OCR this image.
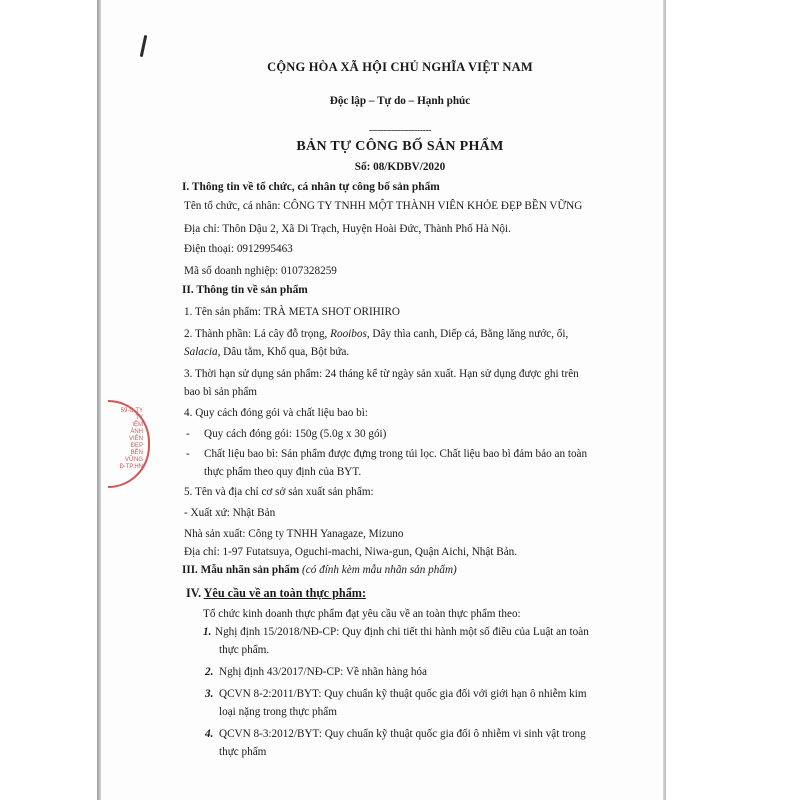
59-C.TY
TY
IỆM
ÀNH
VIÊN
ĐẸP
BỀN
VỮNG
Đ-TP.HN
CỘNG HÒA XÃ HỘI CHỦ NGHĨA VIỆT NAM
Độc lập – Tự do – Hạnh phúc
----------------------
BẢN TỰ CÔNG BỐ SẢN PHẨM
Số: 08/KDBV/2020
I. Thông tin về tổ chức, cá nhân tự công bố sản phẩm
Tên tổ chức, cá nhân: CÔNG TY TNHH MỘT THÀNH VIÊN KHỎE ĐẸP BỀN VỮNG
Địa chỉ: Thôn Dậu 2, Xã Di Trạch, Huyện Hoài Đức, Thành Phố Hà Nội.
Điện thoại: 0912995463
Mã số doanh nghiệp: 0107328259
II. Thông tin về sản phẩm
1. Tên sản phẩm: TRÀ META SHOT ORIHIRO
2. Thành phần: Lá cây đỗ trọng, Rooibos, Dây thìa canh, Diếp cá, Bằng lăng nước, ổi,
Salacia, Dâu tằm, Khổ qua, Bột bứa.
3. Thời hạn sử dụng sản phẩm: 24 tháng kể từ ngày sản xuất. Hạn sử dụng được ghi trên
bao bì sản phẩm
4. Quy cách đóng gói và chất liệu bao bì:
- Quy cách đóng gói: 150g (5.0g x 30 gói)
- Chất liệu bao bì: Sản phẩm được đựng trong túi lọc. Chất liệu bao bì đảm bảo an toàn
thực phẩm theo quy định của BYT.
5. Tên và địa chỉ cơ sở sản xuất sản phẩm:
- Xuất xứ: Nhật Bản
Nhà sản xuất: Công ty TNHH Yanagaze, Mizuno
Địa chỉ: 1-97 Futatsuya, Oguchi-machi, Niwa-gun, Quận Aichi, Nhật Bản.
III. Mẫu nhãn sản phẩm (có đính kèm mẫu nhãn sản phẩm)
IV. Yêu cầu về an toàn thực phẩm:
Tổ chức kinh doanh thực phẩm đạt yêu cầu về an toàn thực phẩm theo:
1. Nghị định 15/2018/NĐ-CP: Quy định chi tiết thi hành một số điều của Luật an toàn
thực phẩm.
2. Nghị định 43/2017/NĐ-CP: Về nhãn hàng hóa
3. QCVN 8-2:2011/BYT: Quy chuẩn kỹ thuật quốc gia đối với giới hạn ô nhiễm kim
loại nặng trong thực phẩm
4. QCVN 8-3:2012/BYT: Quy chuẩn kỹ thuật quốc gia đối ô nhiễm vi sinh vật trong
thực phẩm
